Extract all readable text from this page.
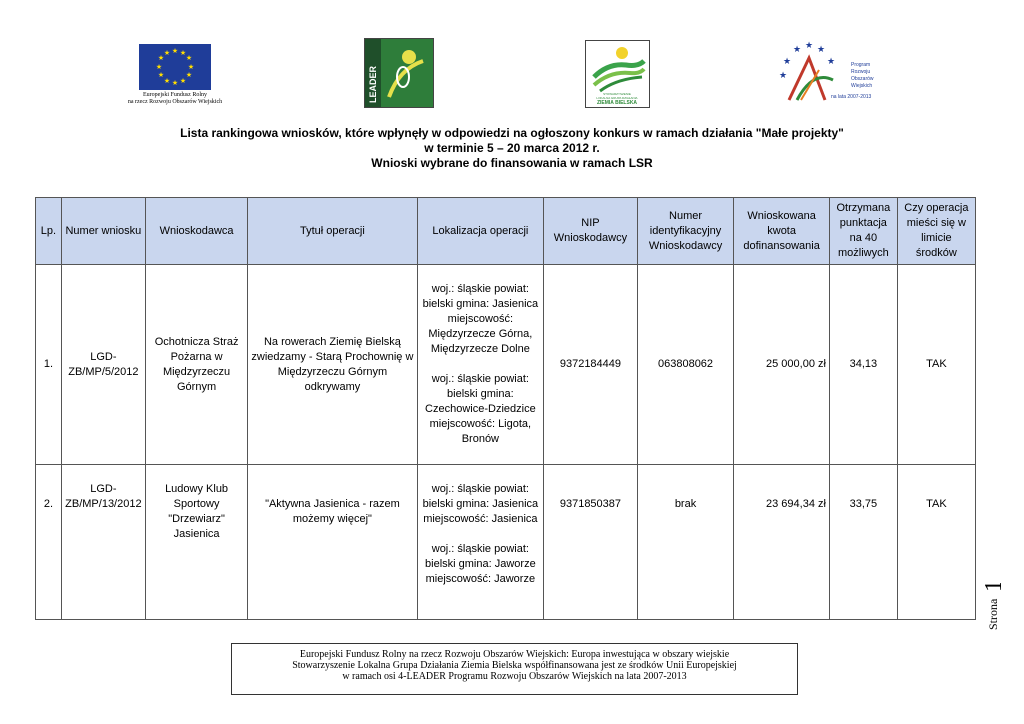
★ ★
★
★
★
★
★
★
★
★
★
★
Europejski Fundusz Rolny
na rzecz Rozwoju Obszarów Wiejskich	LEADER	STOWARZYSZENIE
LOKALNA GRUPA DZIAŁANIA
ZIEMIA BIELSKA
★ ★ ★
★	★
★
Program
Rozwoju
Obszarów
Wiejskich
na lata 2007-2013
Lista rankingowa wniosków, które wpłynęły w odpowiedzi na ogłoszony konkurs w ramach działania "Małe projekty"
w terminie 5 – 20 marca 2012 r.
Wnioski wybrane do finansowania w ramach LSR
Lp.	Numer wniosku	Wnioskodawca	Tytuł operacji	Lokalizacja operacji	NIP Wnioskodawcy	Numer identyfikacyjny Wnioskodawcy	Wnioskowana kwota dofinansowania	Otrzymana punktacja na 40 możliwych	Czy operacja mieści się w limicie środków
1.	LGD-ZB/MP/5/2012	Ochotnicza Straż Pożarna w Międzyrzeczu Górnym	Na rowerach Ziemię Bielską zwiedzamy - Starą Prochownię w Międzyrzeczu Górnym odkrywamy	woj.: śląskie powiat: bielski gmina: Jasienica miejscowość: Międzyrzecze Górna, Międzyrzecze Dolne
woj.: śląskie powiat: bielski gmina: Czechowice-Dziedzice miejscowość: Ligota, Bronów	9372184449	063808062	25 000,00 zł	34,13	TAK
2.	LGD-ZB/MP/13/2012	Ludowy Klub Sportowy "Drzewiarz" Jasienica	"Aktywna Jasienica - razem możemy więcej"	woj.: śląskie powiat: bielski gmina: Jasienica miejscowość: Jasienica
woj.: śląskie powiat: bielski gmina: Jaworze miejscowość: Jaworze	9371850387	brak	23 694,34 zł	33,75	TAK
Strona
1
Europejski Fundusz Rolny na rzecz Rozwoju Obszarów Wiejskich: Europa inwestująca w obszary wiejskie
Stowarzyszenie Lokalna Grupa Działania Ziemia Bielska współfinansowana jest ze środków Unii Europejskiej
w ramach osi 4-LEADER Programu Rozwoju Obszarów Wiejskich na lata 2007-2013
